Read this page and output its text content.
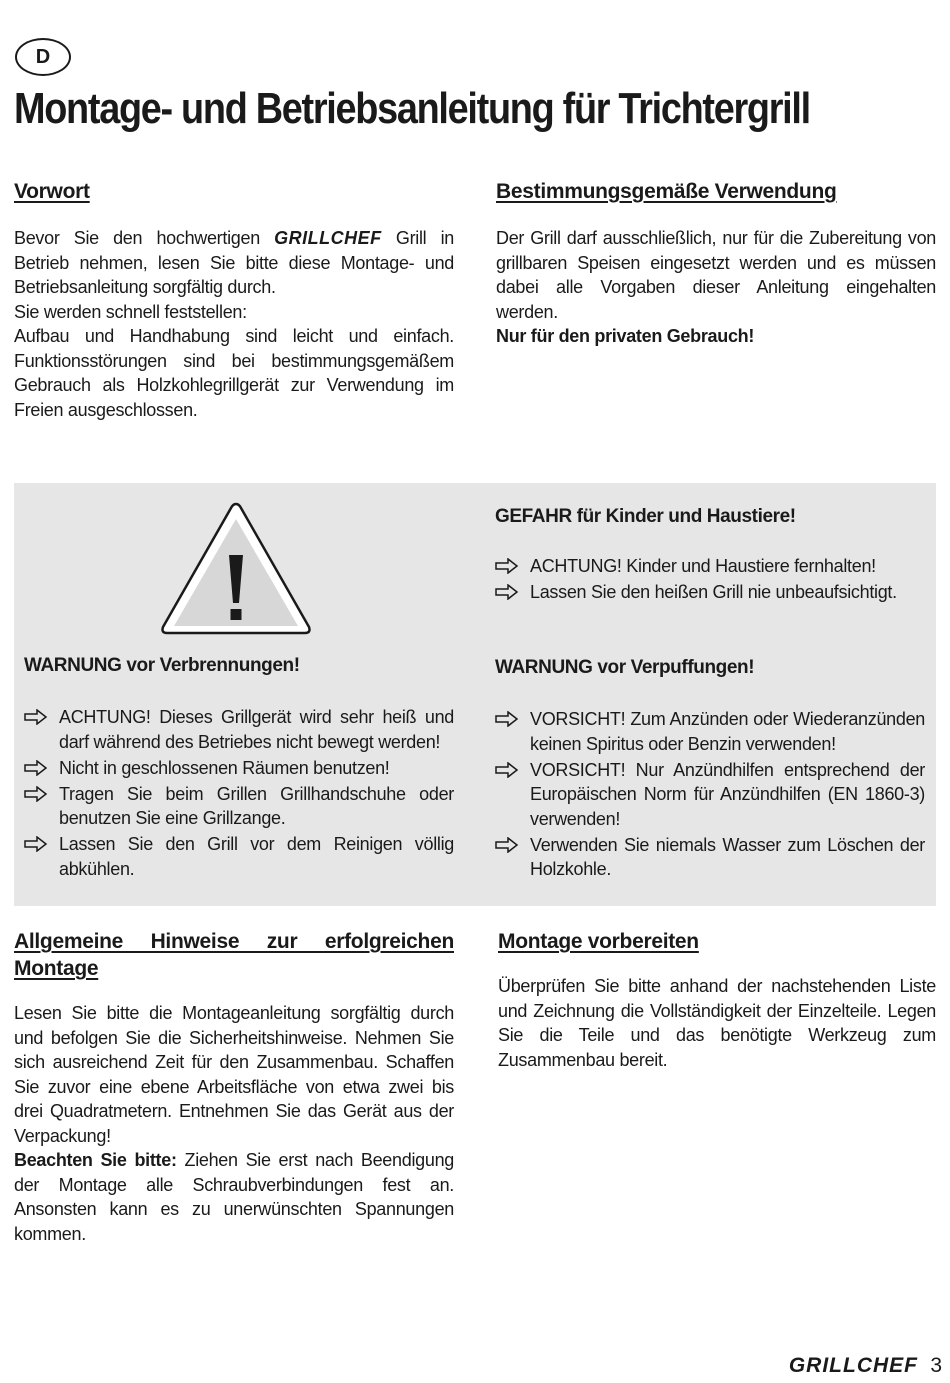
D
Montage- und Betriebsanleitung für Trichtergrill
Vorwort

Bevor Sie den hochwertigen GRILLCHEF Grill in Betrieb nehmen, lesen Sie bitte diese Montage- und Betriebsanleitung sorgfältig durch.

Sie werden schnell feststellen:

Aufbau und Handhabung sind leicht und einfach. Funktionsstörungen sind bei bestimmungsgemäßem Gebrauch als Holzkohlegrillgerät zur Verwendung im Freien ausgeschlossen.

Bestimmungsgemäße Verwendung

Der Grill darf ausschließlich, nur für die Zubereitung von grillbaren Speisen eingesetzt werden und es müssen dabei alle Vorgaben dieser Anleitung eingehalten werden.

Nur für den privaten Gebrauch!

GEFAHR für Kinder und Haustiere!
ACHTUNG! Kinder und Haustiere fernhalten!
Lassen Sie den heißen Grill nie unbeaufsichtigt.
WARNUNG vor Verbrennungen!
ACHTUNG! Dieses Grillgerät wird sehr heiß und darf während des Betriebes nicht bewegt werden!
Nicht in geschlossenen Räumen benutzen!
Tragen Sie beim Grillen Grillhandschuhe oder benutzen Sie eine Grillzange.
Lassen Sie den Grill vor dem Reinigen völlig abkühlen.
WARNUNG vor Verpuffungen!
VORSICHT! Zum Anzünden oder Wiederanzünden keinen Spiritus oder Benzin verwenden!
VORSICHT! Nur Anzündhilfen entsprechend der Europäischen Norm für Anzündhilfen (EN 1860-3) verwenden!
Verwenden Sie niemals Wasser zum Löschen der Holzkohle.
Allgemeine Hinweise zur erfolgreichen Montage

Lesen Sie bitte die Montageanleitung sorgfältig durch und befolgen Sie die Sicherheitshinweise. Nehmen Sie sich ausreichend Zeit für den Zusammenbau. Schaffen Sie zuvor eine ebene Arbeitsfläche von etwa zwei bis drei Quadratmetern. Entnehmen Sie das Gerät aus der Verpackung!

Beachten Sie bitte: Ziehen Sie erst nach Beendigung der Montage alle Schraubverbindungen fest an. Ansonsten kann es zu unerwünschten Spannungen kommen.

Montage vorbereiten

Überprüfen Sie bitte anhand der nachstehenden Liste und Zeichnung die Vollständigkeit der Einzelteile. Legen Sie die Teile und das benötigte Werkzeug zum Zusammenbau bereit.

GRILLCHEF 3
